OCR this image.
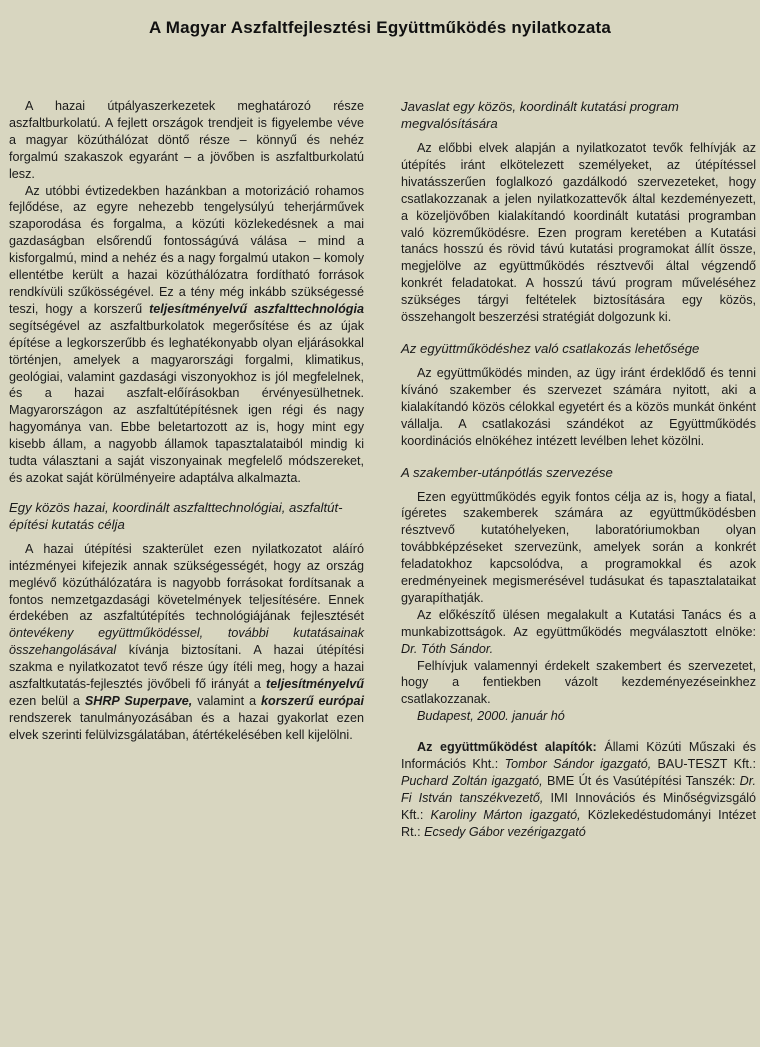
A Magyar Aszfaltfejlesztési Együttműködés nyilatkozata

A hazai útpályaszerkezetek meghatározó része aszfaltburkolatú. A fejlett országok trendjeit is figyelembe véve a magyar közúthálózat döntő része – könnyű és nehéz forgalmú szakaszok egyaránt – a jövőben is aszfaltburkolatú lesz.

Az utóbbi évtizedekben hazánkban a motorizáció rohamos fejlődése, az egyre nehezebb tengelysúlyú teherjárművek szaporodása és forgalma, a közúti közlekedésnek a mai gazdaságban elsőrendű fontosságúvá válása – mind a kisforgalmú, mind a nehéz és a nagy forgalmú utakon – komoly ellentétbe került a hazai közúthálózatra fordítható források rendkívüli szűkösségével. Ez a tény még inkább szükségessé teszi, hogy a korszerű teljesítményelvű aszfalttechnológia segítségével az aszfaltburkolatok megerősítése és az újak építése a legkorszerűbb és leghatékonyabb olyan eljárásokkal történjen, amelyek a magyarországi forgalmi, klimatikus, geológiai, valamint gazdasági viszonyokhoz is jól megfelelnek, és a hazai aszfalt-előírásokban érvényesülhetnek. Magyarországon az aszfaltútépítésnek igen régi és nagy hagyománya van. Ebbe beletartozott az is, hogy mint egy kisebb állam, a nagyobb államok tapasztalataiból mindig ki tudta választani a saját viszonyainak megfelelő módszereket, és azokat saját körülményeire adaptálva alkalmazta.

Egy közös hazai, koordinált aszfalttechnológiai, aszfaltút-építési kutatás célja

A hazai útépítési szakterület ezen nyilatkozatot aláíró intézményei kifejezik annak szükségességét, hogy az ország meglévő közúthálózatára is nagyobb forrásokat fordítsanak a fontos nemzetgazdasági követelmények teljesítésére. Ennek érdekében az aszfaltútépítés technológiájának fejlesztését öntevékeny együttműködéssel, további kutatásainak összehangolásával kívánja biztosítani. A hazai útépítési szakma e nyilatkozatot tevő része úgy ítéli meg, hogy a hazai aszfaltkutatás-fejlesztés jövőbeli fő irányát a teljesítményelvű ezen belül a SHRP Superpave, valamint a korszerű európai rendszerek tanulmányozásában és a hazai gyakorlat ezen elvek szerinti felülvizsgálatában, átértékelésében kell kijelölni.

Javaslat egy közös, koordinált kutatási program megvalósítására

Az előbbi elvek alapján a nyilatkozatot tevők felhívják az útépítés iránt elkötelezett személyeket, az útépítéssel hivatásszerűen foglalkozó gazdálkodó szervezeteket, hogy csatlakozzanak a jelen nyilatkozattevők által kezdeményezett, a közeljövőben kialakítandó koordinált kutatási programban való közreműködésre. Ezen program keretében a Kutatási tanács hosszú és rövid távú kutatási programokat állít össze, megjelölve az együttműködés résztvevői által végzendő konkrét feladatokat. A hosszú távú program műveléséhez szükséges tárgyi feltételek biztosítására egy közös, összehangolt beszerzési stratégiát dolgozunk ki.

Az együttműködéshez való csatlakozás lehetősége

Az együttműködés minden, az ügy iránt érdeklődő és tenni kívánó szakember és szervezet számára nyitott, aki a kialakítandó közös célokkal egyetért és a közös munkát önként vállalja. A csatlakozási szándékot az Együttműködés koordinációs elnökéhez intézett levélben lehet közölni.

A szakember-utánpótlás szervezése

Ezen együttműködés egyik fontos célja az is, hogy a fiatal, ígéretes szakemberek számára az együttműködésben résztvevő kutatóhelyeken, laboratóriumokban olyan továbbképzéseket szervezünk, amelyek során a konkrét feladatokhoz kapcsolódva, a programokkal és azok eredményeinek megismerésével tudásukat és tapasztalataikat gyarapíthatják.

Az előkészítő ülésen megalakult a Kutatási Tanács és a munkabizottságok. Az együttműködés megválasztott elnöke: Dr. Tóth Sándor.

Felhívjuk valamennyi érdekelt szakembert és szervezetet, hogy a fentiekben vázolt kezdeményezéseinkhez csatlakozzanak.

Budapest, 2000. január hó

Az együttműködést alapítók: Állami Közúti Műszaki és Információs Kht.: Tombor Sándor igazgató, BAU-TESZT Kft.: Puchard Zoltán igazgató, BME Út és Vasútépítési Tanszék: Dr. Fi István tanszékvezető, IMI Innovációs és Minőségvizsgáló Kft.: Karoliny Márton igazgató, Közlekedéstudományi Intézet Rt.: Ecsedy Gábor vezérigazgató
